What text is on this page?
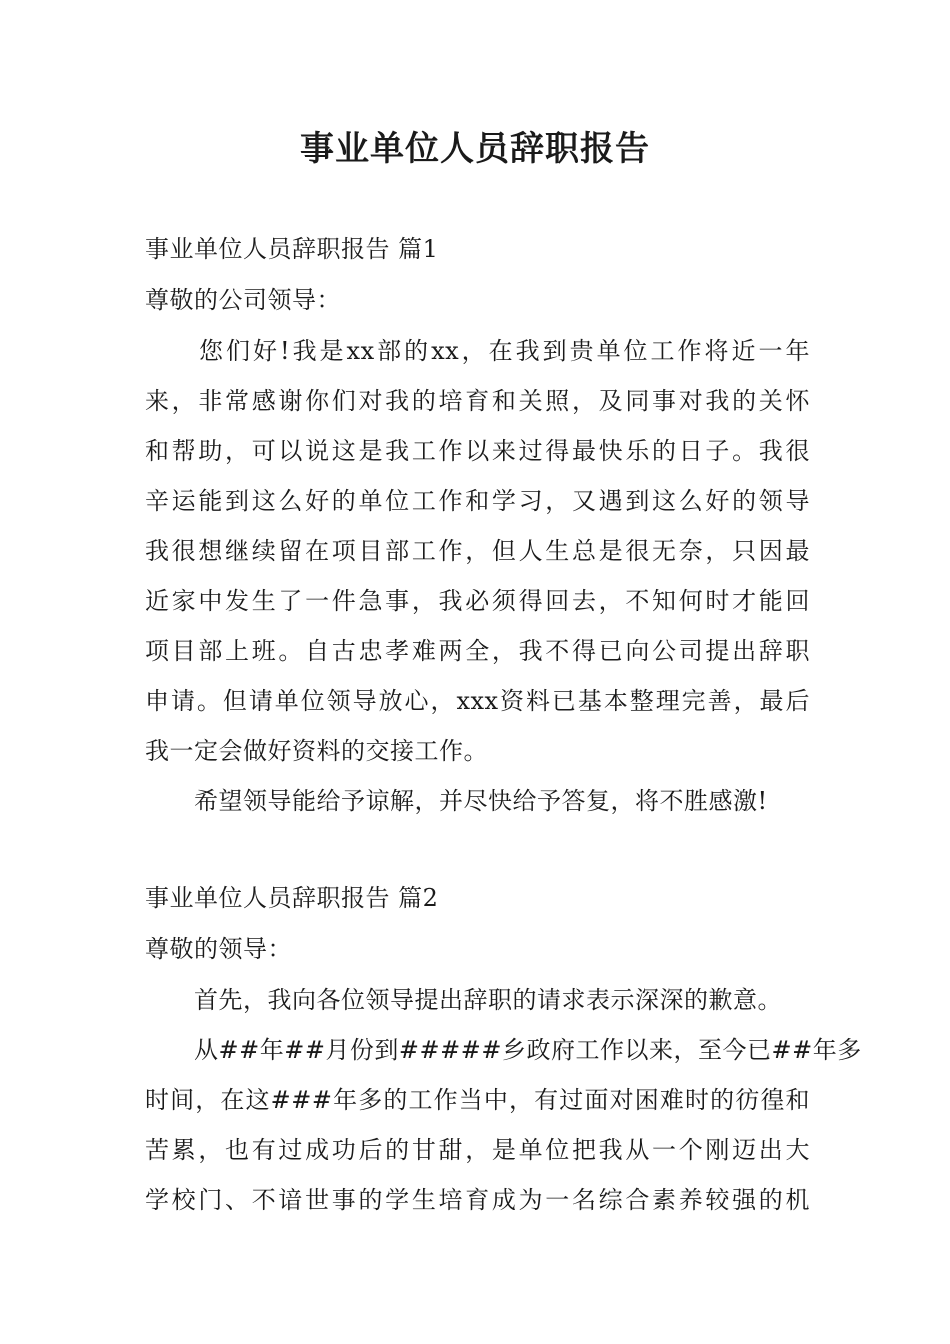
事业单位人员辞职报告
事业单位人员辞职报告 篇1
尊敬的公司领导：
　　您们好!我是xx部的xx，在我到贵单位工作将近一年
来，非常感谢你们对我的培育和关照，及同事对我的关怀
和帮助，可以说这是我工作以来过得最快乐的日子。我很
辛运能到这么好的单位工作和学习，又遇到这么好的领导
我很想继续留在项目部工作，但人生总是很无奈，只因最
近家中发生了一件急事，我必须得回去，不知何时才能回
项目部上班。自古忠孝难两全，我不得已向公司提出辞职
申请。但请单位领导放心，xxx资料已基本整理完善，最后
我一定会做好资料的交接工作。
　　希望领导能给予谅解，并尽快给予答复，将不胜感激!
事业单位人员辞职报告 篇2
尊敬的领导：
　　首先，我向各位领导提出辞职的请求表示深深的歉意。
　　从##年##月份到#####乡政府工作以来，至今已##年多
时间，在这###年多的工作当中，有过面对困难时的彷徨和
苦累，也有过成功后的甘甜，是单位把我从一个刚迈出大
学校门、不谙世事的学生培育成为一名综合素养较强的机
